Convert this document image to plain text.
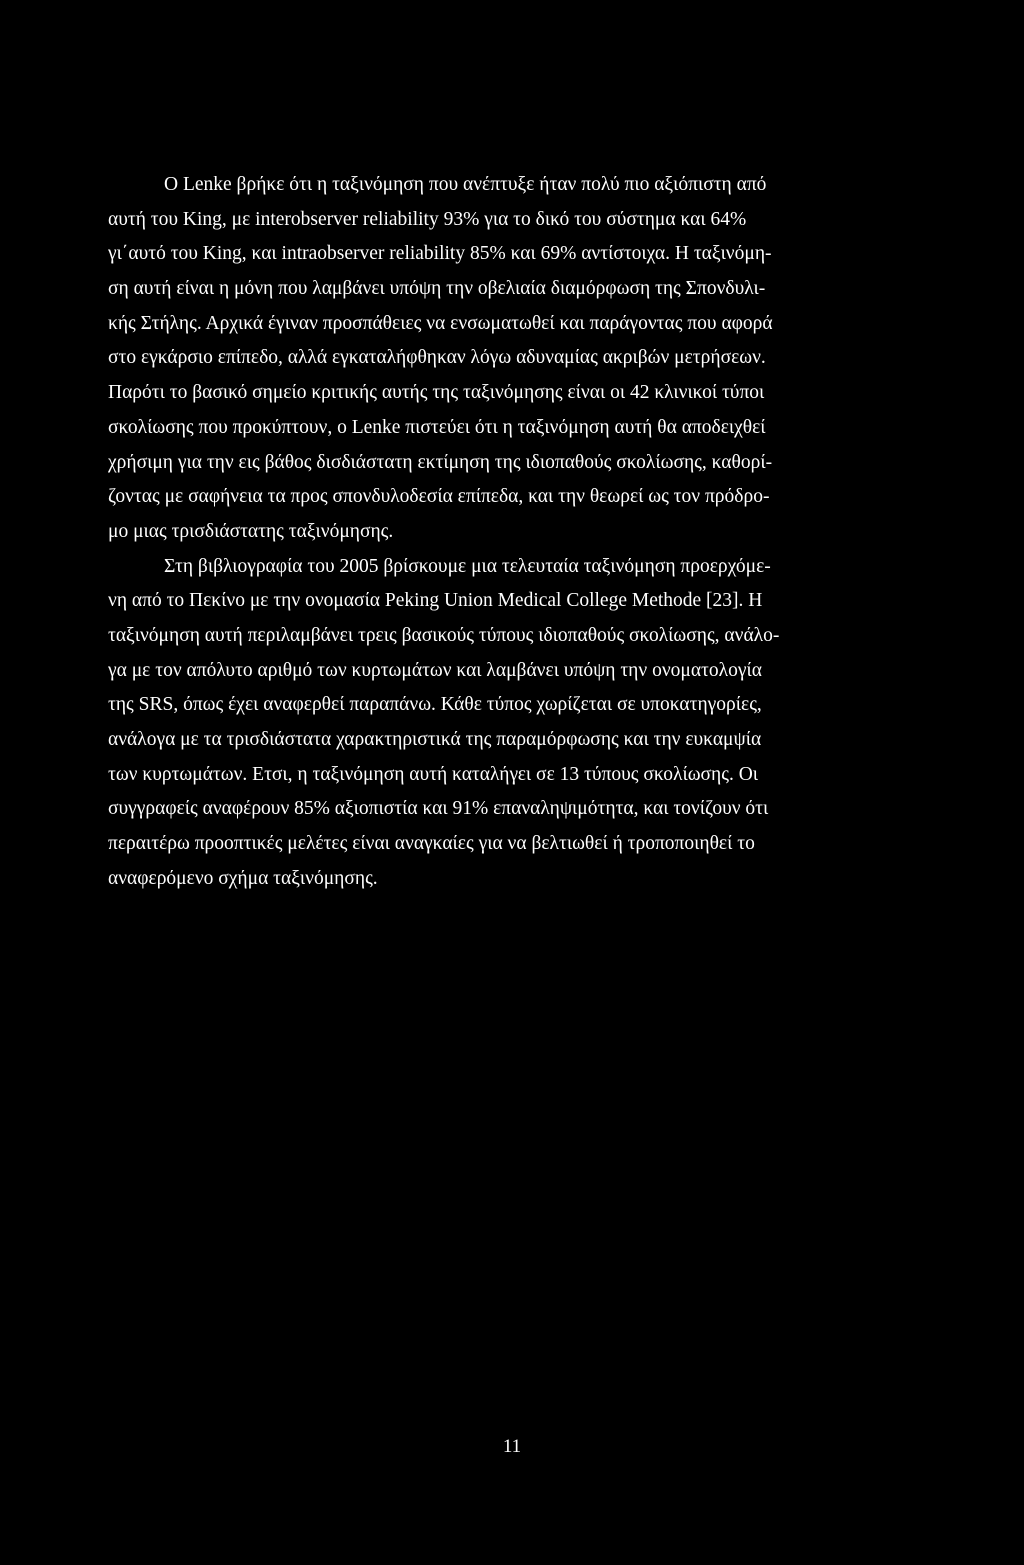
Ο Lenke βρήκε ότι η ταξινόμηση που ανέπτυξε ήταν πολύ πιο αξιόπιστη από
αυτή του King, με interobserver reliability 93% για το δικό του σύστημα και 64%
γι΄αυτό του King, και intraobserver reliability 85% και 69% αντίστοιχα. Η ταξινόμη-
ση αυτή είναι η μόνη που λαμβάνει υπόψη την οβελιαία διαμόρφωση της Σπονδυλι-
κής Στήλης. Αρχικά έγιναν προσπάθειες να ενσωματωθεί και παράγοντας που αφορά
στο εγκάρσιο επίπεδο, αλλά εγκαταλήφθηκαν λόγω αδυναμίας ακριβών μετρήσεων.
Παρότι το βασικό σημείο κριτικής αυτής της ταξινόμησης είναι οι 42 κλινικοί τύποι
σκολίωσης που προκύπτουν, ο Lenke πιστεύει ότι η ταξινόμηση αυτή θα αποδειχθεί
χρήσιμη για την εις βάθος δισδιάστατη εκτίμηση της ιδιοπαθούς σκολίωσης, καθορί-
ζοντας με σαφήνεια τα προς σπονδυλοδεσία επίπεδα, και την θεωρεί ως τον πρόδρο-
μο μιας τρισδιάστατης ταξινόμησης.
Στη βιβλιογραφία του 2005 βρίσκουμε μια τελευταία ταξινόμηση προερχόμε-
νη από το Πεκίνο με την ονομασία Peking Union Medical College Methode [23]. Η
ταξινόμηση αυτή περιλαμβάνει τρεις βασικούς τύπους ιδιοπαθούς σκολίωσης, ανάλο-
γα με τον απόλυτο αριθμό των κυρτωμάτων και λαμβάνει υπόψη την ονοματολογία
της SRS, όπως έχει αναφερθεί παραπάνω. Κάθε τύπος χωρίζεται σε υποκατηγορίες,
ανάλογα με τα τρισδιάστατα χαρακτηριστικά της παραμόρφωσης και την ευκαμψία
των κυρτωμάτων. Ετσι, η ταξινόμηση αυτή καταλήγει σε 13 τύπους σκολίωσης. Οι
συγγραφείς αναφέρουν 85% αξιοπιστία και 91% επαναληψιμότητα, και τονίζουν ότι
περαιτέρω προοπτικές μελέτες είναι αναγκαίες για να βελτιωθεί ή τροποποιηθεί το
αναφερόμενο σχήμα ταξινόμησης.
11
